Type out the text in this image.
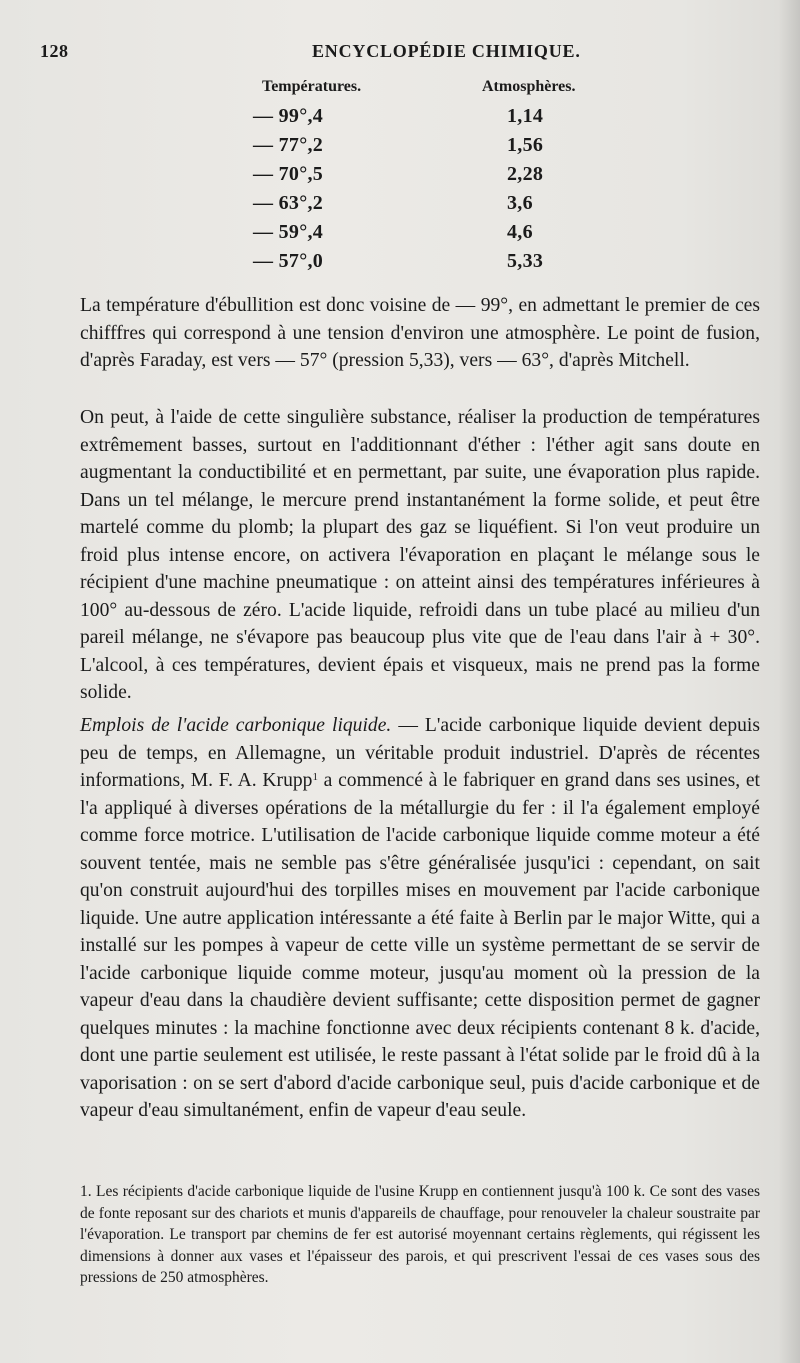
128	ENCYCLOPÉDIE CHIMIQUE.
Températures.	Atmosphères.
— 99°,4	1,14
— 77°,2	1,56
— 70°,5	2,28
— 63°,2	3,6
— 59°,4	4,6
— 57°,0	5,33

La température d'ébullition est donc voisine de — 99°, en admettant le premier de ces chifffres qui correspond à une tension d'environ une atmosphère. Le point de fusion, d'après Faraday, est vers — 57° (pression 5,33), vers — 63°, d'après Mitchell.

On peut, à l'aide de cette singulière substance, réaliser la production de températures extrêmement basses, surtout en l'additionnant d'éther : l'éther agit sans doute en augmentant la conductibilité et en permettant, par suite, une évaporation plus rapide. Dans un tel mélange, le mercure prend instantanément la forme solide, et peut être martelé comme du plomb; la plupart des gaz se liquéfient. Si l'on veut produire un froid plus intense encore, on activera l'évaporation en plaçant le mélange sous le récipient d'une machine pneumatique : on atteint ainsi des températures inférieures à 100° au-dessous de zéro. L'acide liquide, refroidi dans un tube placé au milieu d'un pareil mélange, ne s'évapore pas beaucoup plus vite que de l'eau dans l'air à + 30°. L'alcool, à ces températures, devient épais et visqueux, mais ne prend pas la forme solide.

Emplois de l'acide carbonique liquide. — L'acide carbonique liquide devient depuis peu de temps, en Allemagne, un véritable produit industriel. D'après de récentes informations, M. F. A. Krupp$^1$ a commencé à le fabriquer en grand dans ses usines, et l'a appliqué à diverses opérations de la métallurgie du fer : il l'a également employé comme force motrice. L'utilisation de l'acide carbonique liquide comme moteur a été souvent tentée, mais ne semble pas s'être généralisée jusqu'ici : cependant, on sait qu'on construit aujourd'hui des torpilles mises en mouvement par l'acide carbonique liquide. Une autre application intéressante a été faite à Berlin par le major Witte, qui a installé sur les pompes à vapeur de cette ville un système permettant de se servir de l'acide carbonique liquide comme moteur, jusqu'au moment où la pression de la vapeur d'eau dans la chaudière devient suffisante; cette disposition permet de gagner quelques minutes : la machine fonctionne avec deux récipients contenant 8 k. d'acide, dont une partie seulement est utilisée, le reste passant à l'état solide par le froid dû à la vaporisation : on se sert d'abord d'acide carbonique seul, puis d'acide carbonique et de vapeur d'eau simultanément, enfin de vapeur d'eau seule.

1. Les récipients d'acide carbonique liquide de l'usine Krupp en contiennent jusqu'à 100 k. Ce sont des vases de fonte reposant sur des chariots et munis d'appareils de chauffage, pour renouveler la chaleur soustraite par l'évaporation. Le transport par chemins de fer est autorisé moyennant certains règlements, qui régissent les dimensions à donner aux vases et l'épaisseur des parois, et qui prescrivent l'essai de ces vases sous des pressions de 250 atmosphères.
